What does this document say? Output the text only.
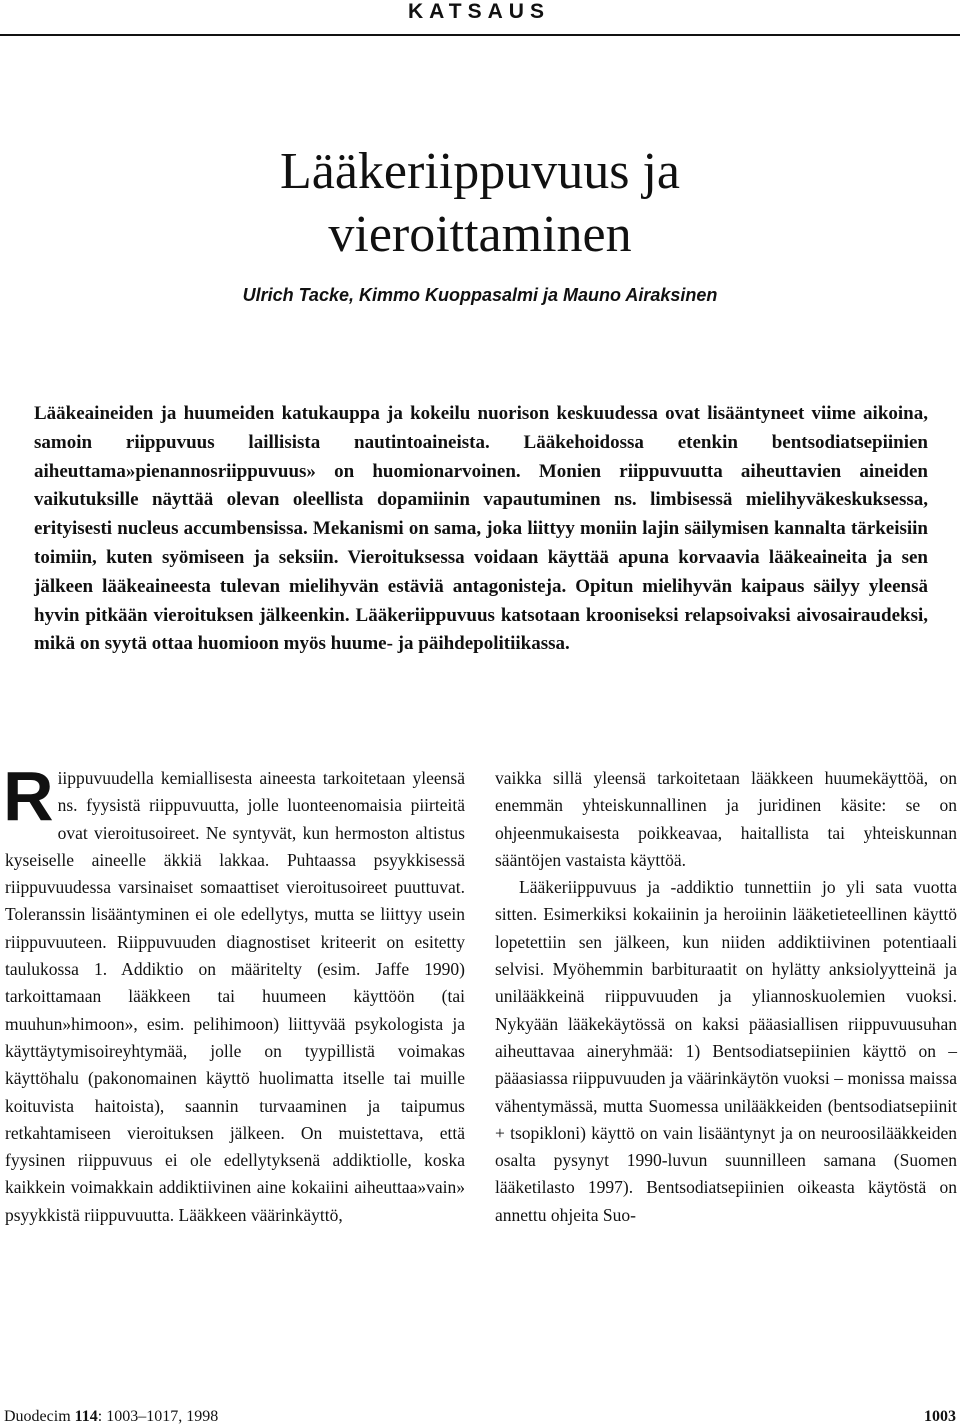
KATSAUS
Lääkeriippuvuus ja
vieroittaminen
Ulrich Tacke, Kimmo Kuoppasalmi ja Mauno Airaksinen
Lääkeaineiden ja huumeiden katukauppa ja kokeilu nuorison keskuudessa ovat lisääntyneet viime aikoina, samoin riippuvuus laillisista nautintoaineista. Lääkehoidossa etenkin bentsodiatsepiinien aiheuttama»pienannosriippuvuus» on huomionarvoinen. Monien riippuvuutta aiheuttavien aineiden vaikutuksille näyttää olevan oleellista dopamiinin vapautuminen ns. limbisessä mielihyväkeskuksessa, erityisesti nucleus accumbensissa. Mekanismi on sama, joka liittyy moniin lajin säilymisen kannalta tärkeisiin toimiin, kuten syömiseen ja seksiin. Vieroituksessa voidaan käyttää apuna korvaavia lääkeaineita ja sen jälkeen lääkeaineesta tulevan mielihyvän estäviä antagonisteja. Opitun mielihyvän kaipaus säilyy yleensä hyvin pitkään vieroituksen jälkeenkin. Lääkeriippuvuus katsotaan krooniseksi relapsoivaksi aivosairaudeksi, mikä on syytä ottaa huomioon myös huume- ja päihdepolitiikassa.

Riippuvuudella kemiallisesta aineesta tarkoitetaan yleensä ns. fyysistä riippuvuutta, jolle luonteenomaisia piirteitä ovat vieroitusoireet. Ne syntyvät, kun hermoston altistus kyseiselle aineelle äkkiä lakkaa. Puhtaassa psyykkisessä riippuvuudessa varsinaiset somaattiset vieroitusoireet puuttuvat. Toleranssin lisääntyminen ei ole edellytys, mutta se liittyy usein riippuvuuteen. Riippuvuuden diagnostiset kriteerit on esitetty taulukossa 1. Addiktio on määritelty (esim. Jaffe 1990) tarkoittamaan lääkkeen tai huumeen käyttöön (tai muuhun»himoon», esim. pelihimoon) liittyvää psykologista ja käyttäytymisoireyhtymää, jolle on tyypillistä voimakas käyttöhalu (pakonomainen käyttö huolimatta itselle tai muille koituvista haitoista), saannin turvaaminen ja taipumus retkahtamiseen vieroituksen jälkeen. On muistettava, että fyysinen riippuvuus ei ole edellytyksenä addiktiolle, koska kaikkein voimakkain addiktiivinen aine kokaiini aiheuttaa»vain» psyykkistä riippuvuutta. Lääkkeen väärinkäyttö,

vaikka sillä yleensä tarkoitetaan lääkkeen huumekäyttöä, on enemmän yhteiskunnallinen ja juridinen käsite: se on ohjeenmukaisesta poikkeavaa, haitallista tai yhteiskunnan sääntöjen vastaista käyttöä.

Lääkeriippuvuus ja -addiktio tunnettiin jo yli sata vuotta sitten. Esimerkiksi kokaiinin ja heroiinin lääketieteellinen käyttö lopetettiin sen jälkeen, kun niiden addiktiivinen potentiaali selvisi. Myöhemmin barbituraatit on hylätty anksiolyytteinä ja unilääkkeinä riippuvuuden ja yliannoskuolemien vuoksi. Nykyään lääkekäytössä on kaksi pääasiallisen riippuvuusuhan aiheuttavaa aineryhmää: 1) Bentsodiatsepiinien käyttö on – pääasiassa riippuvuuden ja väärinkäytön vuoksi – monissa maissa vähentymässä, mutta Suomessa unilääkkeiden (bentsodiatsepiinit + tsopikloni) käyttö on vain lisääntynyt ja on neuroosilääkkeiden osalta pysynyt 1990-luvun suunnilleen samana (Suomen lääketilasto 1997). Bentsodiatsepiinien oikeasta käytöstä on annettu ohjeita Suo-

Duodecim 114: 1003–1017, 1998	1003
